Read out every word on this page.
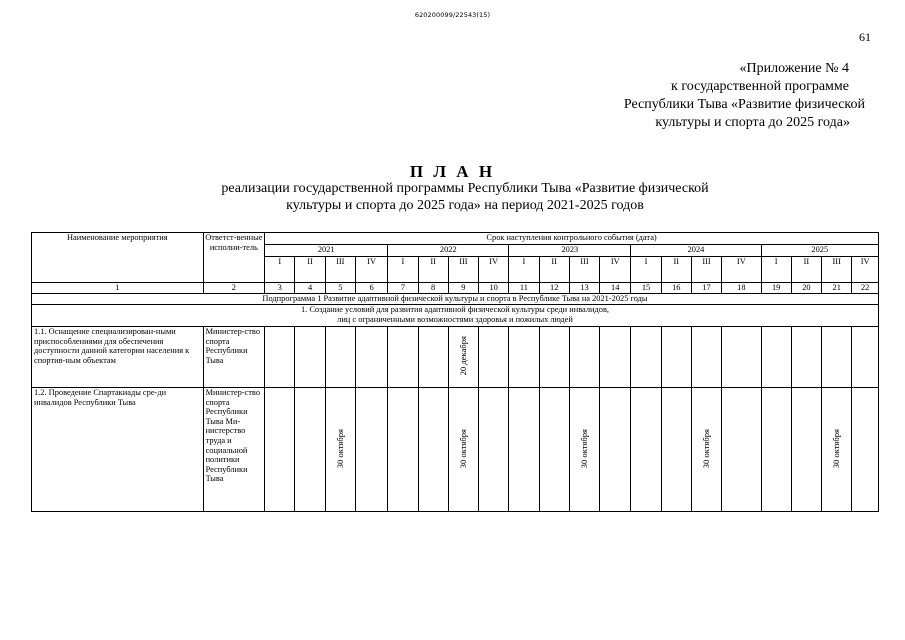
620200099/22543(15)
61
«Приложение № 4
к государственной программе
Республики Тыва «Развитие физической
культуры и спорта до 2025 года»
П Л А Н
реализации государственной программы Республики Тыва «Развитие физической
культуры и спорта до 2025 года» на период 2021-2025 годов
Наименование мероприятия	Ответст-венные исполни-тель	Срок наступления контрольного события (дата)																			
		2021				2022				2023				2024				2025			
		I	II	III	IV	I	II	III	IV	I	II	III	IV	I	II	III	IV	I	II	III	IV
1	2	3	4	5	6	7	8	9	10	11	12	13	14	15	16	17	18	19	20	21	22
Подпрограмма 1 Развитие адаптивной физической культуры и спорта в Республике Тыва на 2021-2025 годы																					

1. Создание условий для развития адаптивной физической культуры среди инвалидов,
лиц с ограниченными возможностями здоровья и пожилых людей																					

1.1. Оснащение специализирован-ными приспособлениями для обеспечения доступности данной категории населения к спортив-ным объектам	Министер-ство спорта Республики Тыва							20 декабря													
1.2. Проведение Спартакиады сре-ди инвалидов Республики Тыва	Министер-ство спорта Республики Тыва Ми-нистерство труда и социальной политики Республики Тыва			30 октября				30 октября				30 октября				30 октября				30 октября	
